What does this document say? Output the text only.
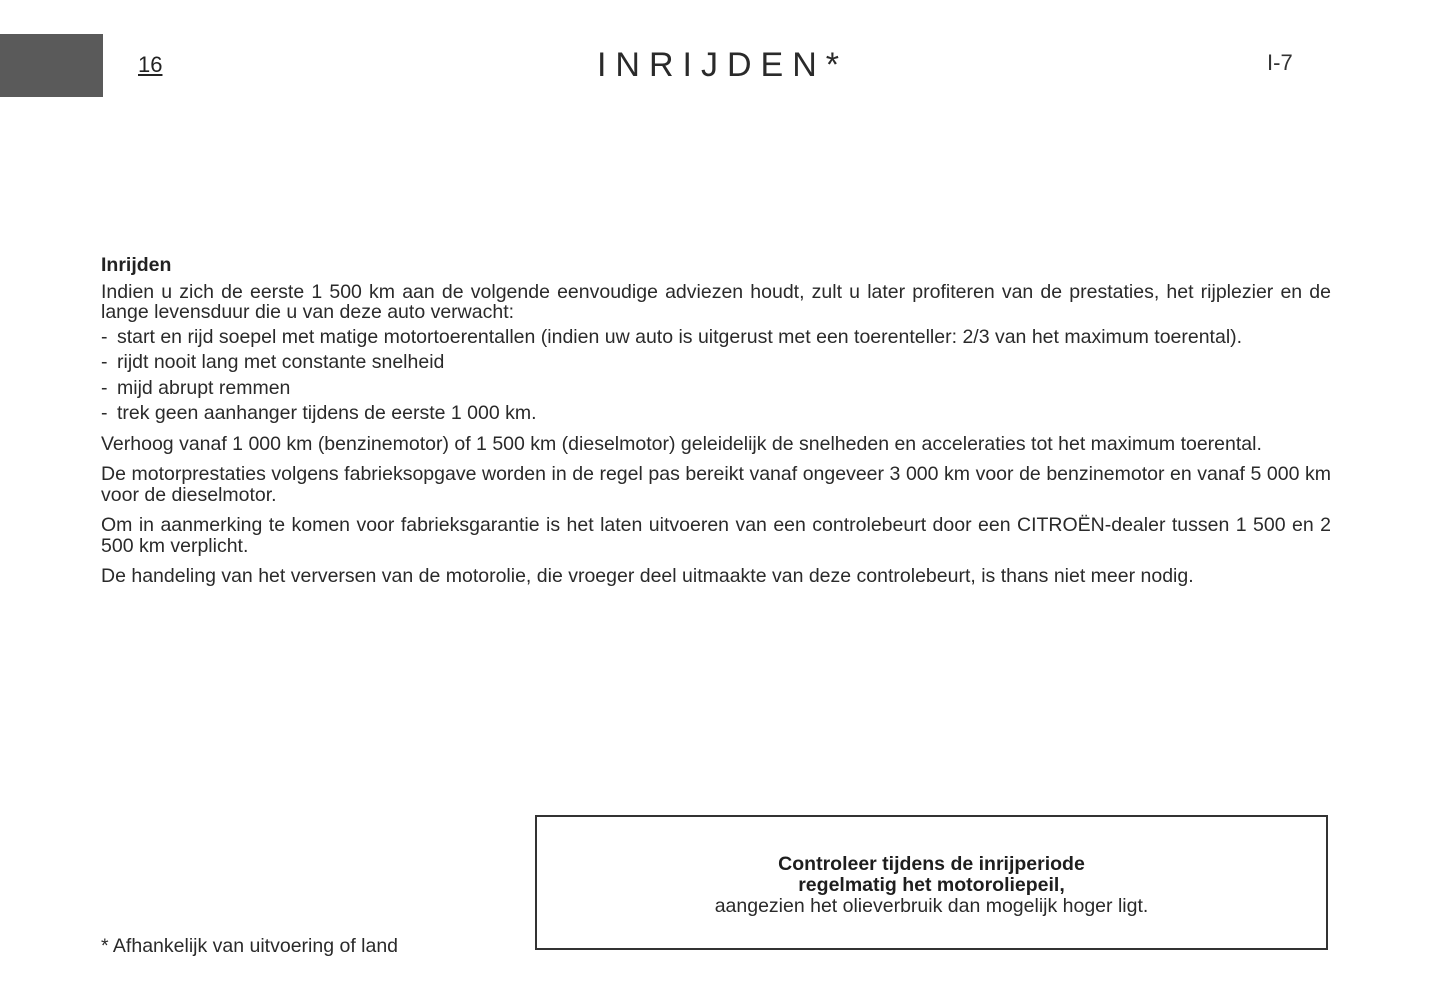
16	INRIJDEN*	I-7
Inrijden
Indien u zich de eerste 1 500 km aan de volgende eenvoudige adviezen houdt, zult u later profiteren van de prestaties, het rijplezier en de lange levensduur die u van deze auto verwacht:
- start en rijd soepel met matige motortoerentallen (indien uw auto is uitgerust met een toerenteller: 2/3 van het maximum toerental).
- rijdt nooit lang met constante snelheid
- mijd abrupt remmen
- trek geen aanhanger tijdens de eerste 1 000 km.
Verhoog vanaf 1 000 km (benzinemotor) of 1 500 km (dieselmotor) geleidelijk de snelheden en acceleraties tot het maximum toerental.
De motorprestaties volgens fabrieksopgave worden in de regel pas bereikt vanaf ongeveer 3 000 km voor de benzinemotor en vanaf 5 000 km voor de dieselmotor.
Om in aanmerking te komen voor fabrieksgarantie is het laten uitvoeren van een controlebeurt door een CITROËN-dealer tussen 1 500 en 2 500 km verplicht.
De handeling van het verversen van de motorolie, die vroeger deel uitmaakte van deze controlebeurt, is thans niet meer nodig.
* Afhankelijk van uitvoering of land
Controleer tijdens de inrijperiode
regelmatig het motoroliepeil,
aangezien het olieverbruik dan mogelijk hoger ligt.
